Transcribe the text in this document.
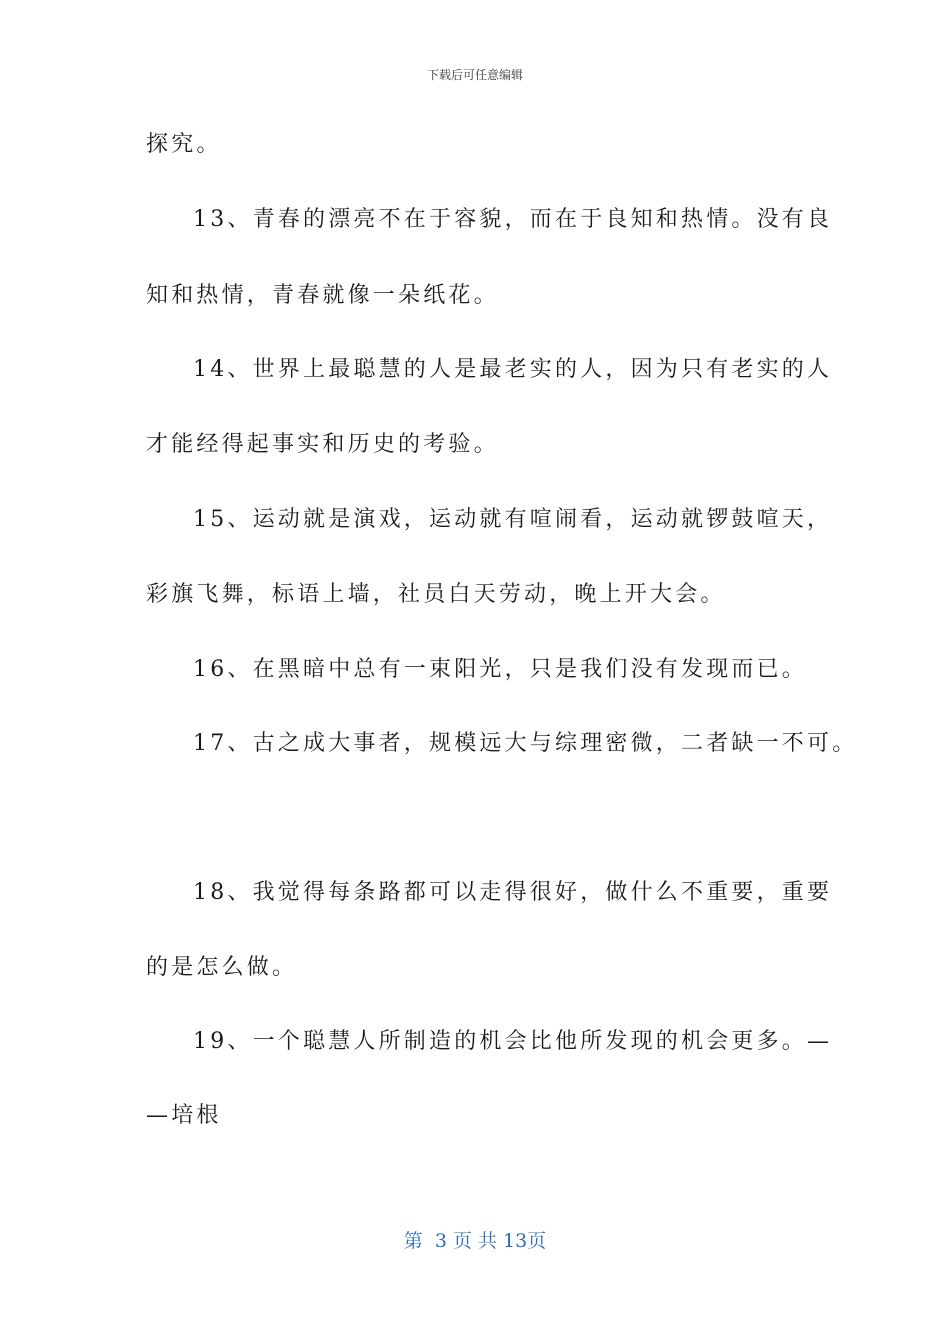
下载后可任意编辑
探究。
13、青春的漂亮不在于容貌，而在于良知和热情。没有良
知和热情，青春就像一朵纸花。
14、世界上最聪慧的人是最老实的人，因为只有老实的人
才能经得起事实和历史的考验。
15、运动就是演戏，运动就有喧闹看，运动就锣鼓喧天，
彩旗飞舞，标语上墙，社员白天劳动，晚上开大会。
16、在黑暗中总有一束阳光，只是我们没有发现而已。
17、古之成大事者，规模远大与综理密微，二者缺一不可。
18、我觉得每条路都可以走得很好，做什么不重要，重要
的是怎么做。
19、一个聪慧人所制造的机会比他所发现的机会更多。—
—培根
第  3 页 共 13页
